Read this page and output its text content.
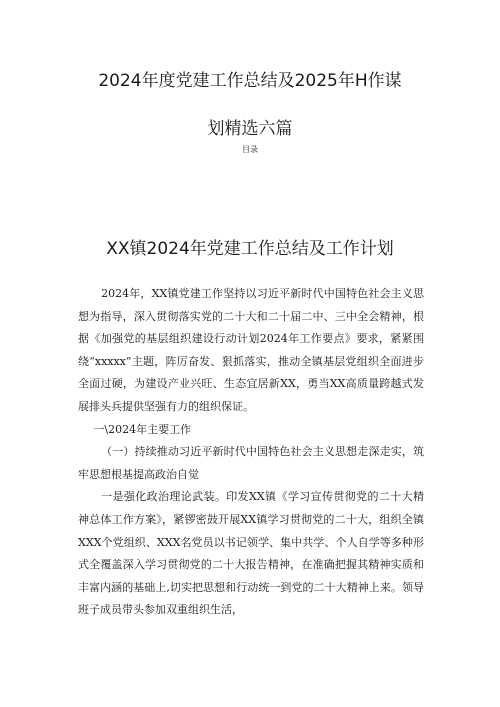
2024年度党建工作总结及2025年H作谋
划精选六篇
目录
XX镇2024年党建工作总结及工作计划

2024年，XX镇党建工作坚持以习近平新时代中国特色社会主义思想为指导，深入贯彻落实党的二十大和二十届二中、三中全会精神，根据《加强党的基层组织建设行动计划2024年工作要点》要求，紧紧围绕“xxxxx”主题，阵厉奋发、狠抓落实，推动全镇基层党组织全面进步全面过硬，为建设产业兴旺、生态宜居新XX，勇当XX高质量跨越式发展排头兵提供坚强有力的组织保证。

一\2024年主要工作

（一）持续推动习近平新时代中国特色社会主义思想走深走实，筑牢思想根基提高政治自觉

一是强化政治理论武装。印发XX镇《学习宣传贯彻党的二十大精神总体工作方案》，紧锣密鼓开展XX镇学习贯彻党的二十大，组织全镇XXX个党组织、XXX名党员以书记领学、集中共学、个人自学等多种形式全覆盖深入学习贯彻党的二十大报告精神，在准确把握其精神实质和丰富内涵的基础上,切实把思想和行动统一到党的二十大精神上来。领导班子成员带头参加双重组织生活，
